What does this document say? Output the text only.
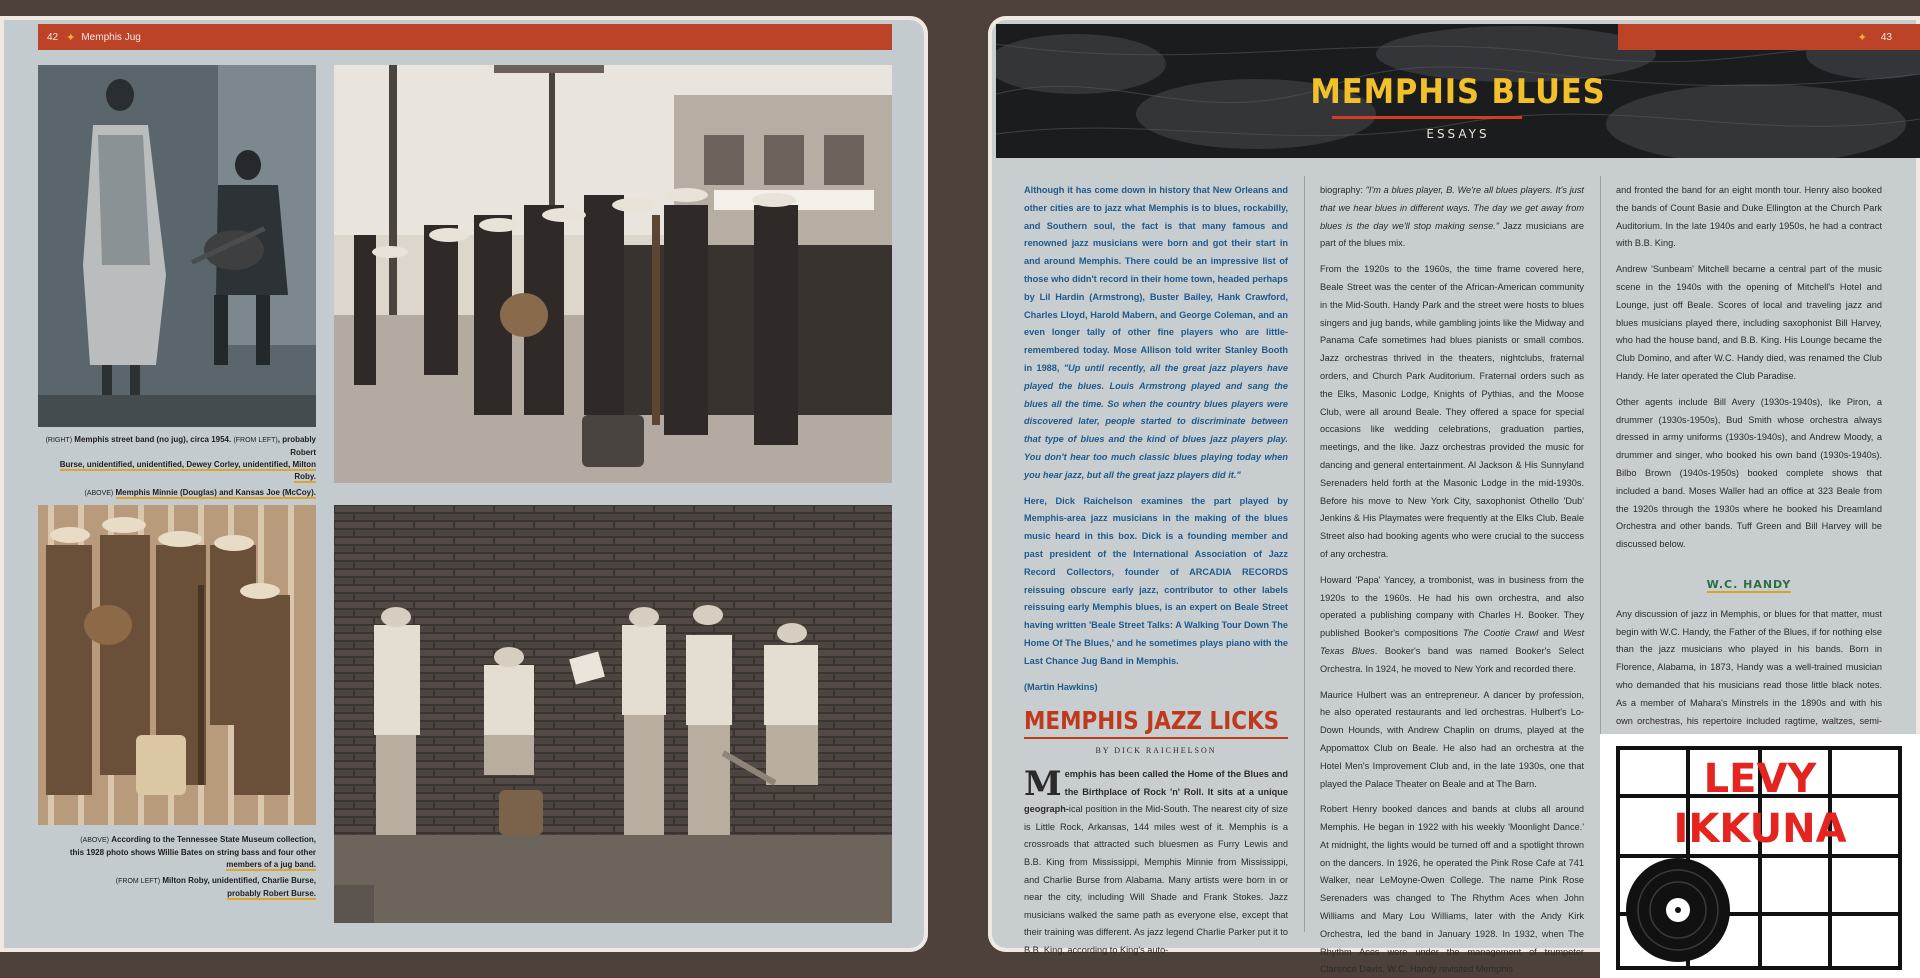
42 ✦ Memphis Jug
(RIGHT) Memphis street band (no jug), circa 1954. (FROM LEFT), probably Robert
Burse, unidentified, unidentified, Dewey Corley, unidentified, Milton Roby.
(ABOVE) Memphis Minnie (Douglas) and Kansas Joe (McCoy).
(ABOVE) According to the Tennessee State Museum collection,
this 1928 photo shows Willie Bates on string bass and four other
members of a jug band.
(FROM LEFT) Milton Roby, unidentified, Charlie Burse,
probably Robert Burse.
MEMPHIS BLUES
ESSAYS
✦ 43

Although it has come down in history that New Orleans and other cities are to jazz what Memphis is to blues, rockabilly, and Southern soul, the fact is that many famous and renowned jazz musicians were born and got their start in and around Memphis. There could be an impressive list of those who didn't record in their home town, headed perhaps by Lil Hardin (Armstrong), Buster Bailey, Hank Crawford, Charles Lloyd, Harold Mabern, and George Coleman, and an even longer tally of other fine players who are little-remembered today. Mose Allison told writer Stanley Booth in 1988, "Up until recently, all the great jazz players have played the blues. Louis Armstrong played and sang the blues all the time. So when the country blues players were discovered later, people started to discriminate between that type of blues and the kind of blues jazz players play. You don't hear too much classic blues playing today when you hear jazz, but all the great jazz players did it."

Here, Dick Raichelson examines the part played by Memphis-area jazz musicians in the making of the blues music heard in this box. Dick is a founding member and past president of the International Association of Jazz Record Collectors, founder of ARCADIA RECORDS reissuing obscure early jazz, contributor to other labels reissuing early Memphis blues, is an expert on Beale Street having written 'Beale Street Talks: A Walking Tour Down The Home Of The Blues,' and he sometimes plays piano with the Last Chance Jug Band in Memphis.

(Martin Hawkins)

MEMPHIS JAZZ LICKS
BY DICK RAICHELSON
Memphis has been called the Home of the Blues and the Birthplace of Rock 'n' Roll. It sits at a unique geograph-ical position in the Mid-South. The nearest city of size is Little Rock, Arkansas, 144 miles west of it. Memphis is a crossroads that attracted such bluesmen as Furry Lewis and B.B. King from Mississippi, Memphis Minnie from Mississippi, and Charlie Burse from Alabama. Many artists were born in or near the city, including Will Shade and Frank Stokes. Jazz musicians walked the same path as everyone else, except that their training was different. As jazz legend Charlie Parker put it to B.B. King, according to King's auto-

biography: "I'm a blues player, B. We're all blues players. It's just that we hear blues in different ways. The day we get away from blues is the day we'll stop making sense." Jazz musicians are part of the blues mix.

From the 1920s to the 1960s, the time frame covered here, Beale Street was the center of the African-American community in the Mid-South. Handy Park and the street were hosts to blues singers and jug bands, while gambling joints like the Midway and Panama Cafe sometimes had blues pianists or small combos. Jazz orchestras thrived in the theaters, nightclubs, fraternal orders, and Church Park Auditorium. Fraternal orders such as the Elks, Masonic Lodge, Knights of Pythias, and the Moose Club, were all around Beale. They offered a space for special occasions like wedding celebrations, graduation parties, meetings, and the like. Jazz orchestras provided the music for dancing and general entertainment. Al Jackson & His Sunnyland Serenaders held forth at the Masonic Lodge in the mid-1930s. Before his move to New York City, saxophonist Othello 'Dub' Jenkins & His Playmates were frequently at the Elks Club. Beale Street also had booking agents who were crucial to the success of any orchestra.

Howard 'Papa' Yancey, a trombonist, was in business from the 1920s to the 1960s. He had his own orchestra, and also operated a publishing company with Charles H. Booker. They published Booker's compositions The Cootie Crawl and West Texas Blues. Booker's band was named Booker's Select Orchestra. In 1924, he moved to New York and recorded there.

Maurice Hulbert was an entrepreneur. A dancer by profession, he also operated restaurants and led orchestras. Hulbert's Lo-Down Hounds, with Andrew Chaplin on drums, played at the Appomattox Club on Beale. He also had an orchestra at the Hotel Men's Improvement Club and, in the late 1930s, one that played the Palace Theater on Beale and at The Barn.

Robert Henry booked dances and bands at clubs all around Memphis. He began in 1922 with his weekly 'Moonlight Dance.' At midnight, the lights would be turned off and a spotlight thrown on the dancers. In 1926, he operated the Pink Rose Cafe at 741 Walker, near LeMoyne-Owen College. The name Pink Rose Serenaders was changed to The Rhythm Aces when John Williams and Mary Lou Williams, later with the Andy Kirk Orchestra, led the band in January 1928. In 1932, when The Rhythm Aces were under the management of trumpeter Clarence Davis, W.C. Handy revisited Memphis

and fronted the band for an eight month tour. Henry also booked the bands of Count Basie and Duke Ellington at the Church Park Auditorium. In the late 1940s and early 1950s, he had a contract with B.B. King.

Andrew 'Sunbeam' Mitchell became a central part of the music scene in the 1940s with the opening of Mitchell's Hotel and Lounge, just off Beale. Scores of local and traveling jazz and blues musicians played there, including saxophonist Bill Harvey, who had the house band, and B.B. King. His Lounge became the Club Domino, and after W.C. Handy died, was renamed the Club Handy. He later operated the Club Paradise.

Other agents include Bill Avery (1930s-1940s), Ike Piron, a drummer (1930s-1950s), Bud Smith whose orchestra always dressed in army uniforms (1930s-1940s), and Andrew Moody, a drummer and singer, who booked his own band (1930s-1940s). Bilbo Brown (1940s-1950s) booked complete shows that included a band. Moses Waller had an office at 323 Beale from the 1920s through the 1930s where he booked his Dreamland Orchestra and other bands. Tuff Green and Bill Harvey will be discussed below.

W.C. HANDY

Any discussion of jazz in Memphis, or blues for that matter, must begin with W.C. Handy, the Father of the Blues, if for nothing else than the jazz musicians who played in his bands. Born in Florence, Alabama, in 1873, Handy was a well-trained musician who demanded that his musicians read those little black notes. As a member of Mahara's Minstrels in the 1890s and with his own orchestras, his repertoire included ragtime, waltzes, semi-

LEVY
IKKUNA
